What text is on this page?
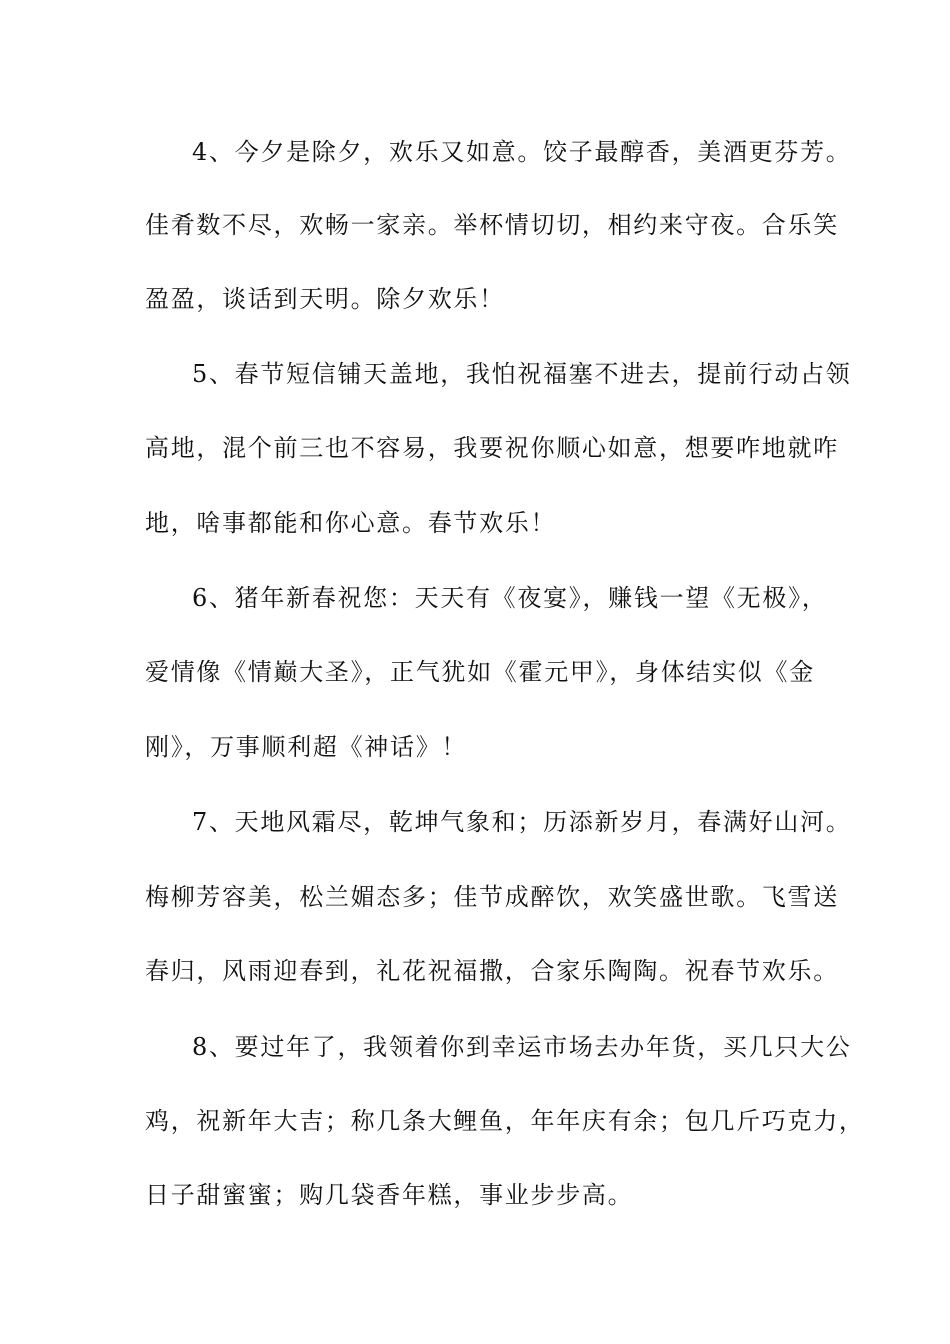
4、今夕是除夕，欢乐又如意。饺子最醇香，美酒更芬芳。
佳肴数不尽，欢畅一家亲。举杯情切切，相约来守夜。合乐笑
盈盈，谈话到天明。除夕欢乐！
5、春节短信铺天盖地，我怕祝福塞不进去，提前行动占领
高地，混个前三也不容易，我要祝你顺心如意，想要咋地就咋
地，啥事都能和你心意。春节欢乐！
6、猪年新春祝您：天天有《夜宴》，赚钱一望《无极》，
爱情像《情巅大圣》，正气犹如《霍元甲》，身体结实似《金
刚》，万事顺利超《神话》！
7、天地风霜尽，乾坤气象和；历添新岁月，春满好山河。
梅柳芳容美，松兰媚态多；佳节成醉饮，欢笑盛世歌。飞雪送
春归，风雨迎春到，礼花祝福撒，合家乐陶陶。祝春节欢乐。
8、要过年了，我领着你到幸运市场去办年货，买几只大公
鸡，祝新年大吉；称几条大鲤鱼，年年庆有余；包几斤巧克力，
日子甜蜜蜜；购几袋香年糕，事业步步高。
